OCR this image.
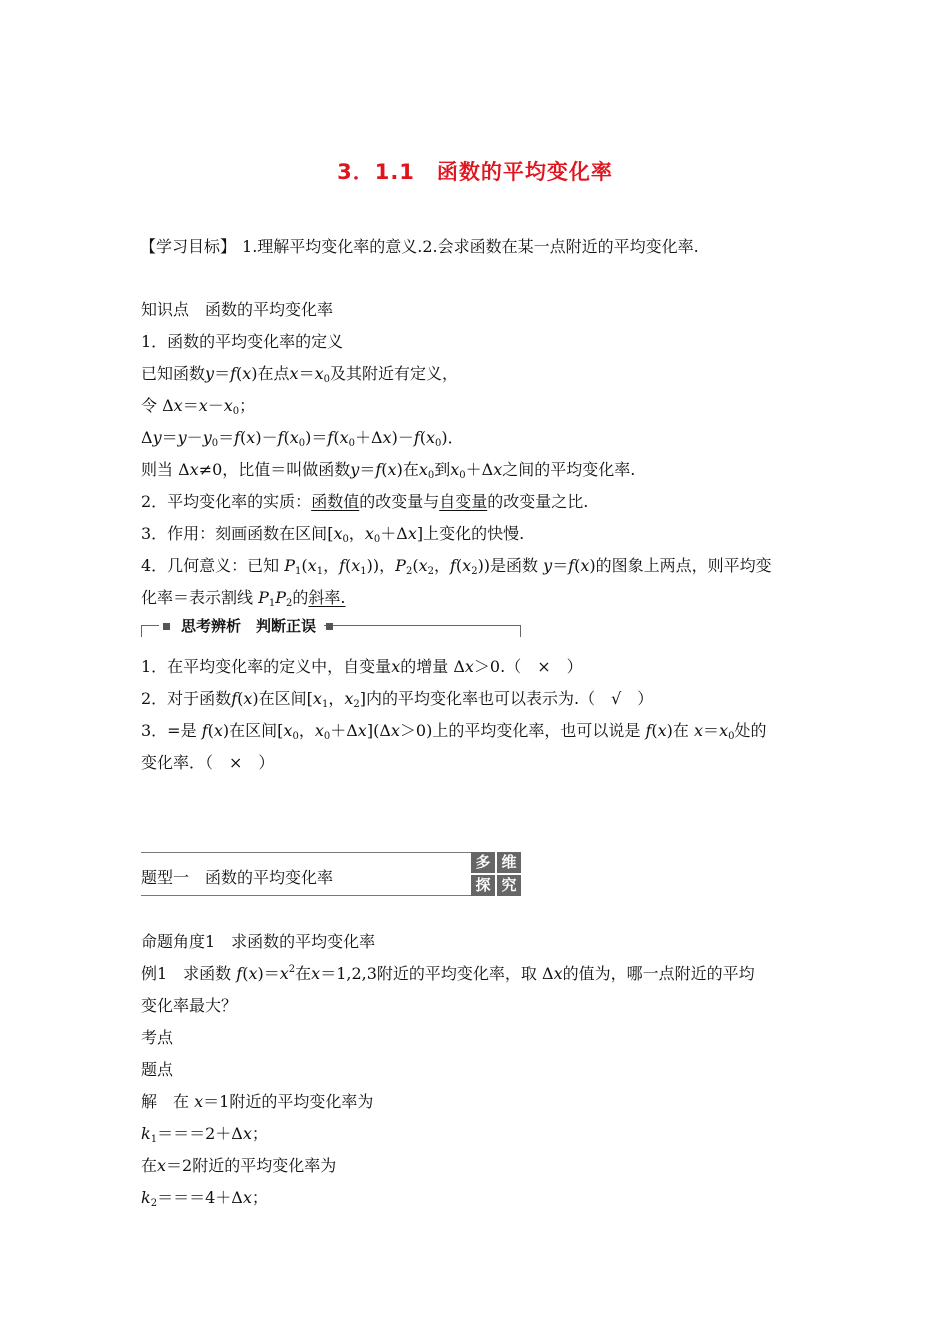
3．1.1　函数的平均变化率
【学习目标】 1.理解平均变化率的意义.2.会求函数在某一点附近的平均变化率.
知识点　函数的平均变化率
1．函数的平均变化率的定义
已知函数y＝f(x)在点$x=x_0$及其附近有定义，
令 $\Delta x=x-x_0$；
$\Delta y=y-y_0=f(x)-f(x_0)=f(x_0+\Delta x)-f(x_0)$．
则当 Δx≠0，比值＝叫做函数y＝f(x)在$x_0$到$x_0+\Delta x$之间的平均变化率.
2．平均变化率的实质：函数值的改变量与自变量的改变量之比.
3．作用：刻画函数在区间[$x_0$，$x_0+\Delta x$]上变化的快慢.
4．几何意义：已知 $P_1(x_1$，$f(x_1)$)，$P_2(x_2$，$f(x_2)$)是函数 y＝f(x)的图象上两点，则平均变
化率＝表示割线 $P_1P_2$的斜率.
思考辨析　判断正误
1．在平均变化率的定义中，自变量x的增量 Δx＞0.（　×　）
2．对于函数f(x)在区间[$x_1$，$x_2$]内的平均变化率也可以表示为.（　√　）
3．=是 f(x)在区间[$x_0$，$x_0+\Delta x](\Delta x>0)$上的平均变化率，也可以说是 f(x)在 $x=x_0$处的
变化率．（　×　）
题型一　函数的平均变化率
多 维
探 究
命题角度1　求函数的平均变化率
例1　求函数 $f(x)=x^2$在x＝1,2,3附近的平均变化率，取 Δx的值为，哪一点附近的平均
变化率最大？
考点
题点
解　在 x＝1附近的平均变化率为
$k_1===2+\Delta x$；
在x＝2附近的平均变化率为
$k_2===4+\Delta x$；
